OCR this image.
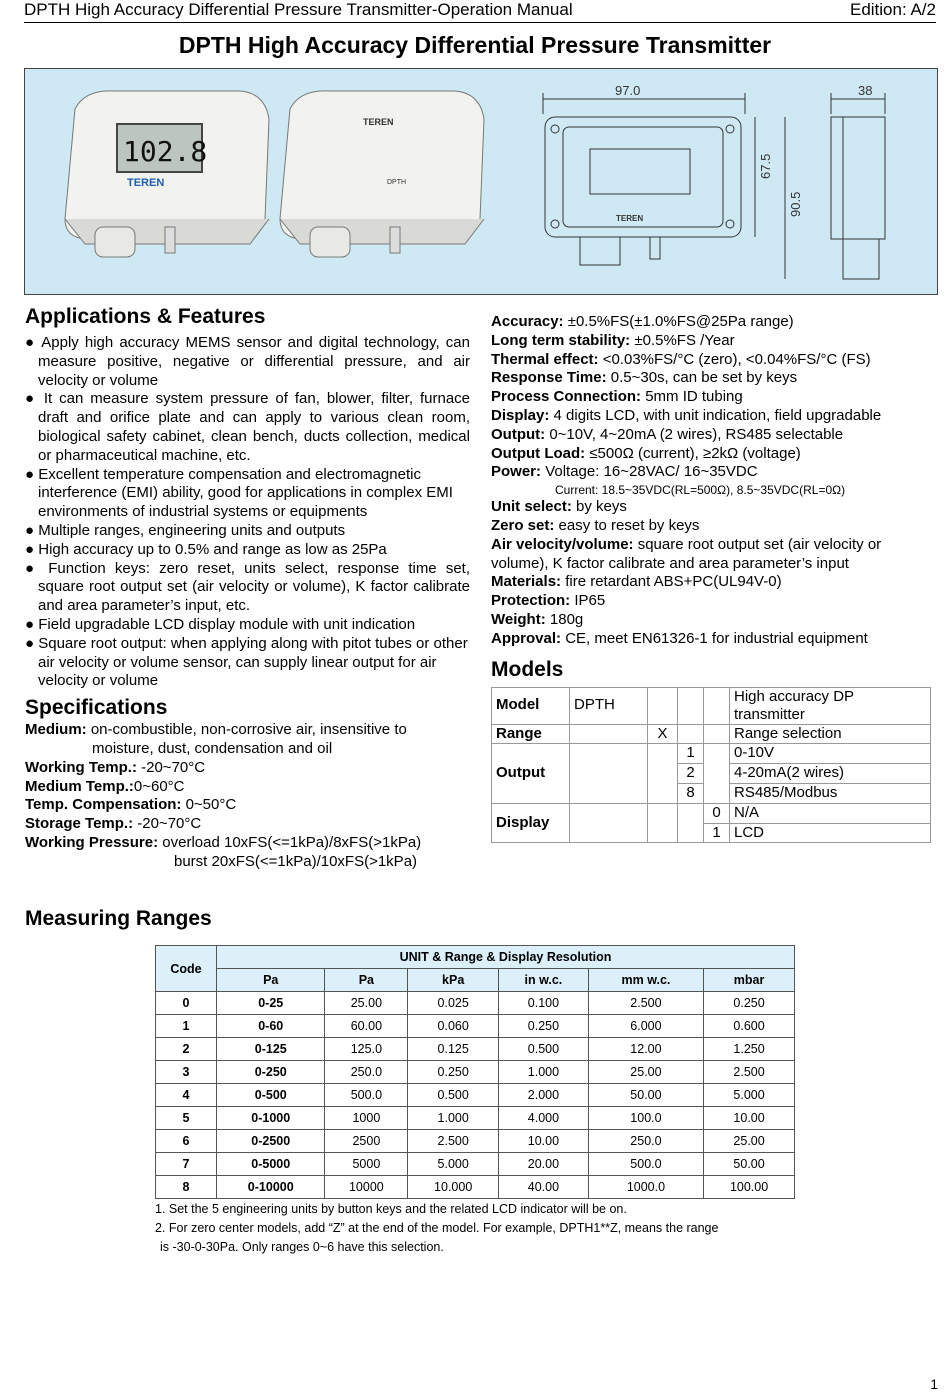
DPTH High Accuracy Differential Pressure Transmitter-Operation Manual	Edition: A/2
DPTH High Accuracy Differential Pressure Transmitter
102.8
TEREN
TEREN
DPTH
97.0
TEREN
67.5
90.5
38
Applications & Features

● Apply high accuracy MEMS sensor and digital technology, can measure positive, negative or differential pressure, and air velocity or volume

● It can measure system pressure of fan, blower, filter, furnace draft and orifice plate and can apply to various clean room, biological safety cabinet, clean bench, ducts collection, medical or pharmaceutical machine, etc.

● Excellent temperature compensation and electromagnetic interference (EMI) ability, good for applications in complex EMI environments of industrial systems or equipments

● Multiple ranges, engineering units and outputs

● High accuracy up to 0.5% and range as low as 25Pa

● Function keys: zero reset, units select, response time set, square root output set (air velocity or volume), K factor calibrate and area parameter’s input, etc.

● Field upgradable LCD display module with unit indication

● Square root output: when applying along with pitot tubes or other air velocity or volume sensor, can supply linear output for air velocity or volume

Specifications

Medium: on-combustible, non-corrosive air, insensitive to

moisture, dust, condensation and oil

Working Temp.: -20~70°C

Medium Temp.:0~60°C

Temp. Compensation: 0~50°C

Storage Temp.: -20~70°C

Working Pressure: overload 10xFS(<=1kPa)/8xFS(>1kPa)

burst 20xFS(<=1kPa)/10xFS(>1kPa)

Accuracy: ±0.5%FS(±1.0%FS@25Pa range)

Long term stability: ±0.5%FS /Year

Thermal effect: <0.03%FS/°C (zero), <0.04%FS/°C (FS)

Response Time: 0.5~30s, can be set by keys

Process Connection: 5mm ID tubing

Display: 4 digits LCD, with unit indication, field upgradable

Output: 0~10V, 4~20mA (2 wires), RS485 selectable

Output Load: ≤500Ω (current), ≥2kΩ (voltage)

Power: Voltage: 16~28VAC/ 16~35VDC

Current: 18.5~35VDC(RL=500Ω), 8.5~35VDC(RL=0Ω)

Unit select: by keys

Zero set: easy to reset by keys

Air velocity/volume: square root output set (air velocity or volume), K factor calibrate and area parameter’s input

Materials: fire retardant ABS+PC(UL94V-0)

Protection: IP65

Weight: 180g

Approval: CE, meet EN61326-1 for industrial equipment

Models
Model	DPTH				High accuracy DP transmitter
Range		X			Range selection
Output			1		0-10V
			2		4-20mA(2 wires)
			8		RS485/Modbus
Display				0	N/A
				1	LCD
Measuring Ranges
Code	UNIT & Range & Display Resolution					
	Pa	Pa	kPa	in w.c.	mm w.c.	mbar
0	0-25	25.00	0.025	0.100	2.500	0.250
1	0-60	60.00	0.060	0.250	6.000	0.600
2	0-125	125.0	0.125	0.500	12.00	1.250
3	0-250	250.0	0.250	1.000	25.00	2.500
4	0-500	500.0	0.500	2.000	50.00	5.000
5	0-1000	1000	1.000	4.000	100.0	10.00
6	0-2500	2500	2.500	10.00	250.0	25.00
7	0-5000	5000	5.000	20.00	500.0	50.00
8	0-10000	10000	10.000	40.00	1000.0	100.00
1. Set the 5 engineering units by button keys and the related LCD indicator will be on.
2. For zero center models, add “Z” at the end of the model. For example, DPTH1**Z, means the range
is -30-0-30Pa. Only ranges 0~6 have this selection.
1
